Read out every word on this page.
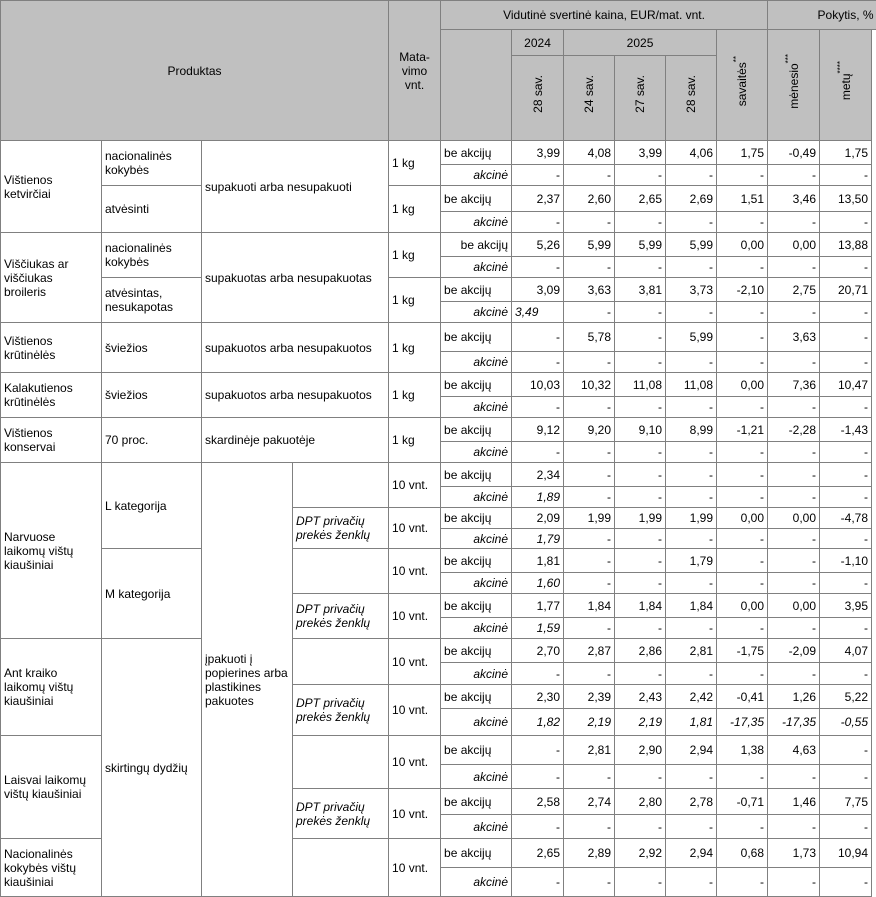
Produktas				Mata-vimo vnt.	Vidutinė svertinė kaina, EUR/mat. vnt.						Pokytis, %	
						2024	2025			savaitės**	mėnesio***	metų****

						28 sav.	24 sav.	27 sav.	28 sav.			

Vištienos ketvirčiai	nacionalinės kokybės	supakuoti arba nesupakuoti		1 kg	be akcijų	3,99	4,08	3,99	4,06	1,75	-0,49	1,75
					akcinė	-	-	-	-	-	-	-
	atvėsinti			1 kg	be akcijų	2,37	2,60	2,65	2,69	1,51	3,46	13,50
					akcinė	-	-	-	-	-	-	-
Viščiukas ar viščiukas broileris	nacionalinės kokybės	supakuotas arba nesupakuotas		1 kg	be akcijų	5,26	5,99	5,99	5,99	0,00	0,00	13,88
					akcinė	-	-	-	-	-	-	-
	atvėsintas, nesukapotas			1 kg	be akcijų	3,09	3,63	3,81	3,73	-2,10	2,75	20,71
					akcinė	3,49	-	-	-	-	-	-
Vištienos krūtinėlės	šviežios	supakuotos arba nesupakuotos		1 kg	be akcijų	-	5,78	-	5,99	-	3,63	-
					akcinė	-	-	-	-	-	-	-
Kalakutienos krūtinėlės	šviežios	supakuotos arba nesupakuotos		1 kg	be akcijų	10,03	10,32	11,08	11,08	0,00	7,36	10,47
					akcinė	-	-	-	-	-	-	-
Vištienos konservai	70 proc.	skardinėje pakuotėje		1 kg	be akcijų	9,12	9,20	9,10	8,99	-1,21	-2,28	-1,43
					akcinė	-	-	-	-	-	-	-
Narvuose laikomų vištų kiaušiniai	L kategorija	įpakuoti į popierines arba plastikines pakuotes		10 vnt.	be akcijų	2,34	-	-	-	-	-	-
					akcinė	1,89	-	-	-	-	-	-
			DPT privačių prekės ženklų	10 vnt.	be akcijų	2,09	1,99	1,99	1,99	0,00	0,00	-4,78
					akcinė	1,79	-	-	-	-	-	-
	M kategorija			10 vnt.	be akcijų	1,81	-	-	1,79	-	-	-1,10
					akcinė	1,60	-	-	-	-	-	-
			DPT privačių prekės ženklų	10 vnt.	be akcijų	1,77	1,84	1,84	1,84	0,00	0,00	3,95
					akcinė	1,59	-	-	-	-	-	-
Ant kraiko laikomų vištų kiaušiniai	skirtingų dydžių			10 vnt.	be akcijų	2,70	2,87	2,86	2,81	-1,75	-2,09	4,07
					akcinė	-	-	-	-	-	-	-
			DPT privačių prekės ženklų	10 vnt.	be akcijų	2,30	2,39	2,43	2,42	-0,41	1,26	5,22
					akcinė	1,82	2,19	2,19	1,81	-17,35	-17,35	-0,55
Laisvai laikomų vištų kiaušiniai				10 vnt.	be akcijų	-	2,81	2,90	2,94	1,38	4,63	-
					akcinė	-	-	-	-	-	-	-
			DPT privačių prekės ženklų	10 vnt.	be akcijų	2,58	2,74	2,80	2,78	-0,71	1,46	7,75
					akcinė	-	-	-	-	-	-	-
Nacionalinės kokybės vištų kiaušiniai				10 vnt.	be akcijų	2,65	2,89	2,92	2,94	0,68	1,73	10,94
					akcinė	-	-	-	-	-	-	-
